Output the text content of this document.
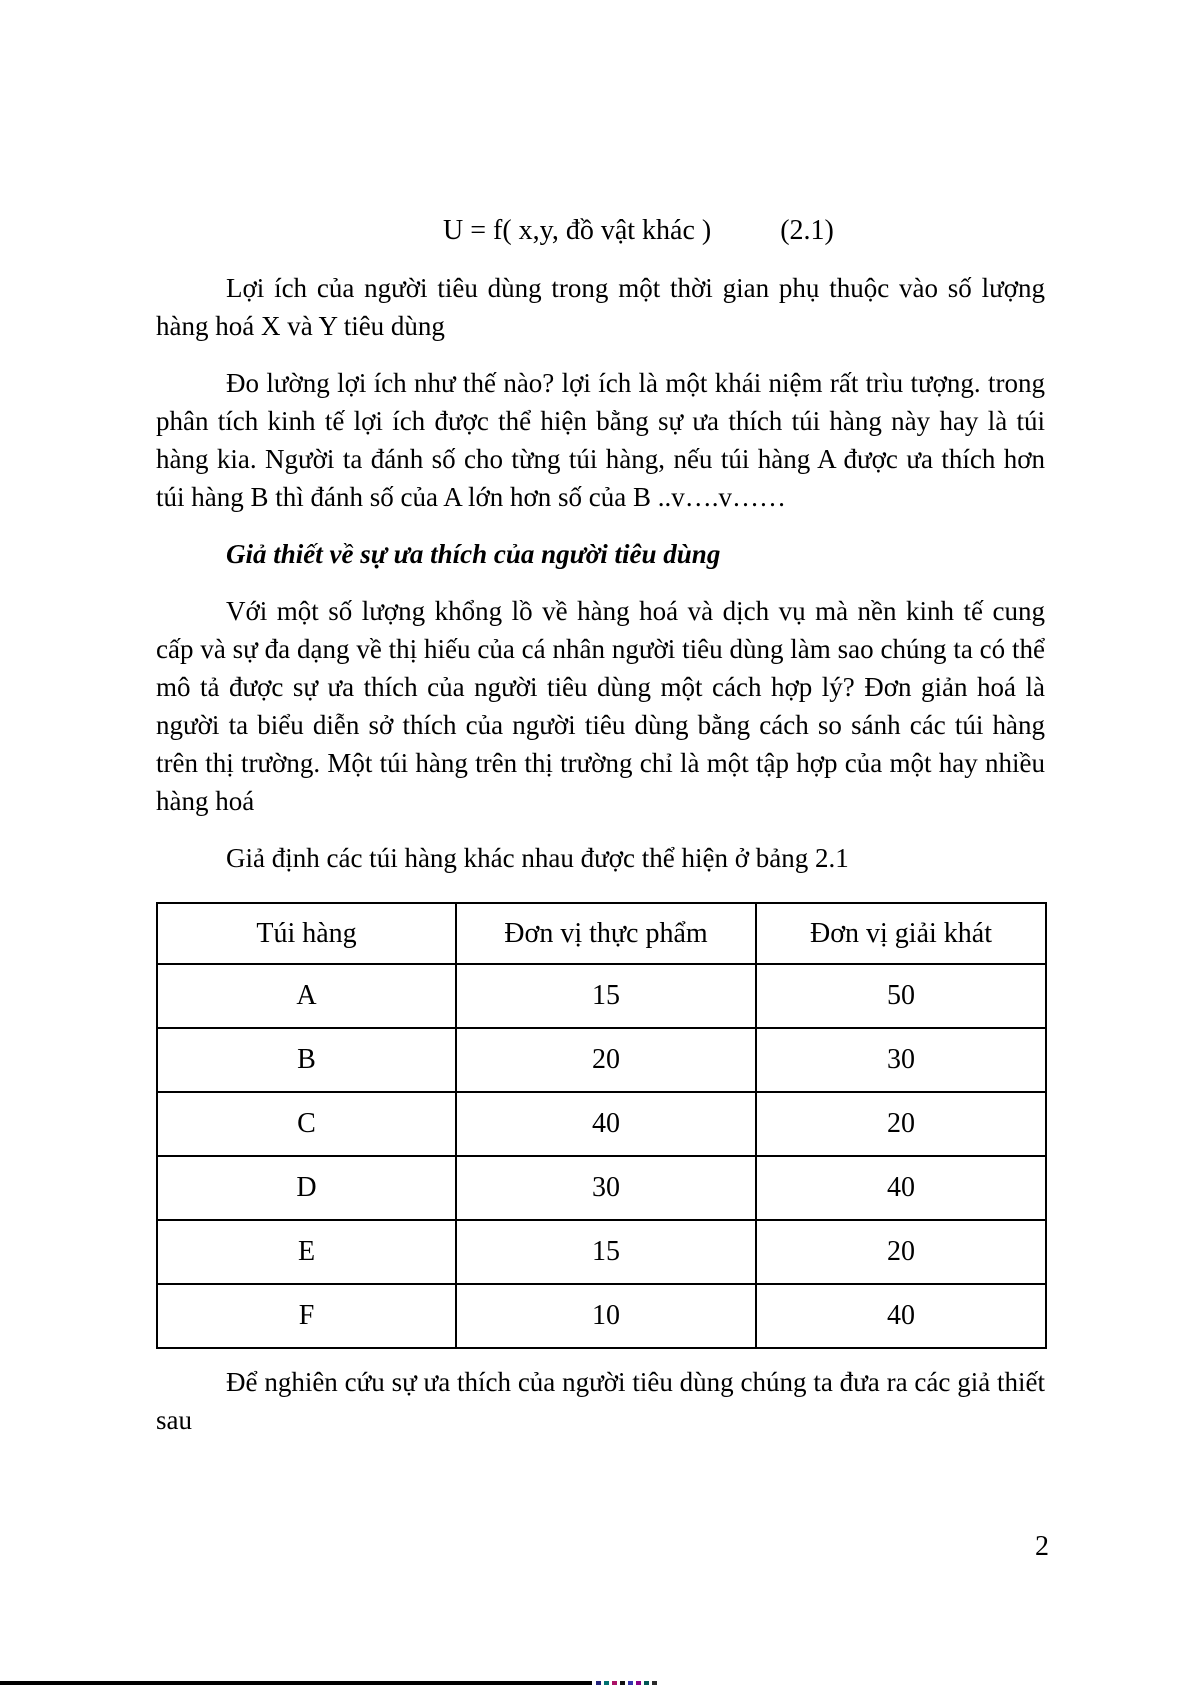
U = f( x,y, đồ vật khác ) (2.1)

Lợi ích của người tiêu dùng trong một thời gian phụ thuộc vào số lượng hàng hoá X và Y tiêu dùng

Đo lường lợi ích như thế nào? lợi ích là một khái niệm rất trìu tượng. trong phân tích kinh tế lợi ích được thể hiện bằng sự ưa thích túi hàng này hay là túi hàng kia. Người ta đánh số cho từng túi hàng, nếu túi hàng A được ưa thích hơn túi hàng B thì đánh số của A lớn hơn số của B ..v….v……

Giả thiết về sự ưa thích của người tiêu dùng

Với một số lượng khổng lồ về hàng hoá và dịch vụ mà nền kinh tế cung cấp và sự đa dạng về thị hiếu của cá nhân người tiêu dùng làm sao chúng ta có thể mô tả được sự ưa thích của người tiêu dùng một cách hợp lý? Đơn giản hoá là người ta biểu diễn sở thích của người tiêu dùng bằng cách so sánh các túi hàng trên thị trường. Một túi hàng trên thị trường chỉ là một tập hợp của một hay nhiều hàng hoá

Giả định các túi hàng khác nhau được thể hiện ở bảng 2.1

Túi hàng	Đơn vị thực phẩm	Đơn vị giải khát
A	15	50
B	20	30
C	40	20
D	30	40
E	15	20
F	10	40

Để nghiên cứu sự ưa thích của người tiêu dùng chúng ta đưa ra các giả thiết sau

2
